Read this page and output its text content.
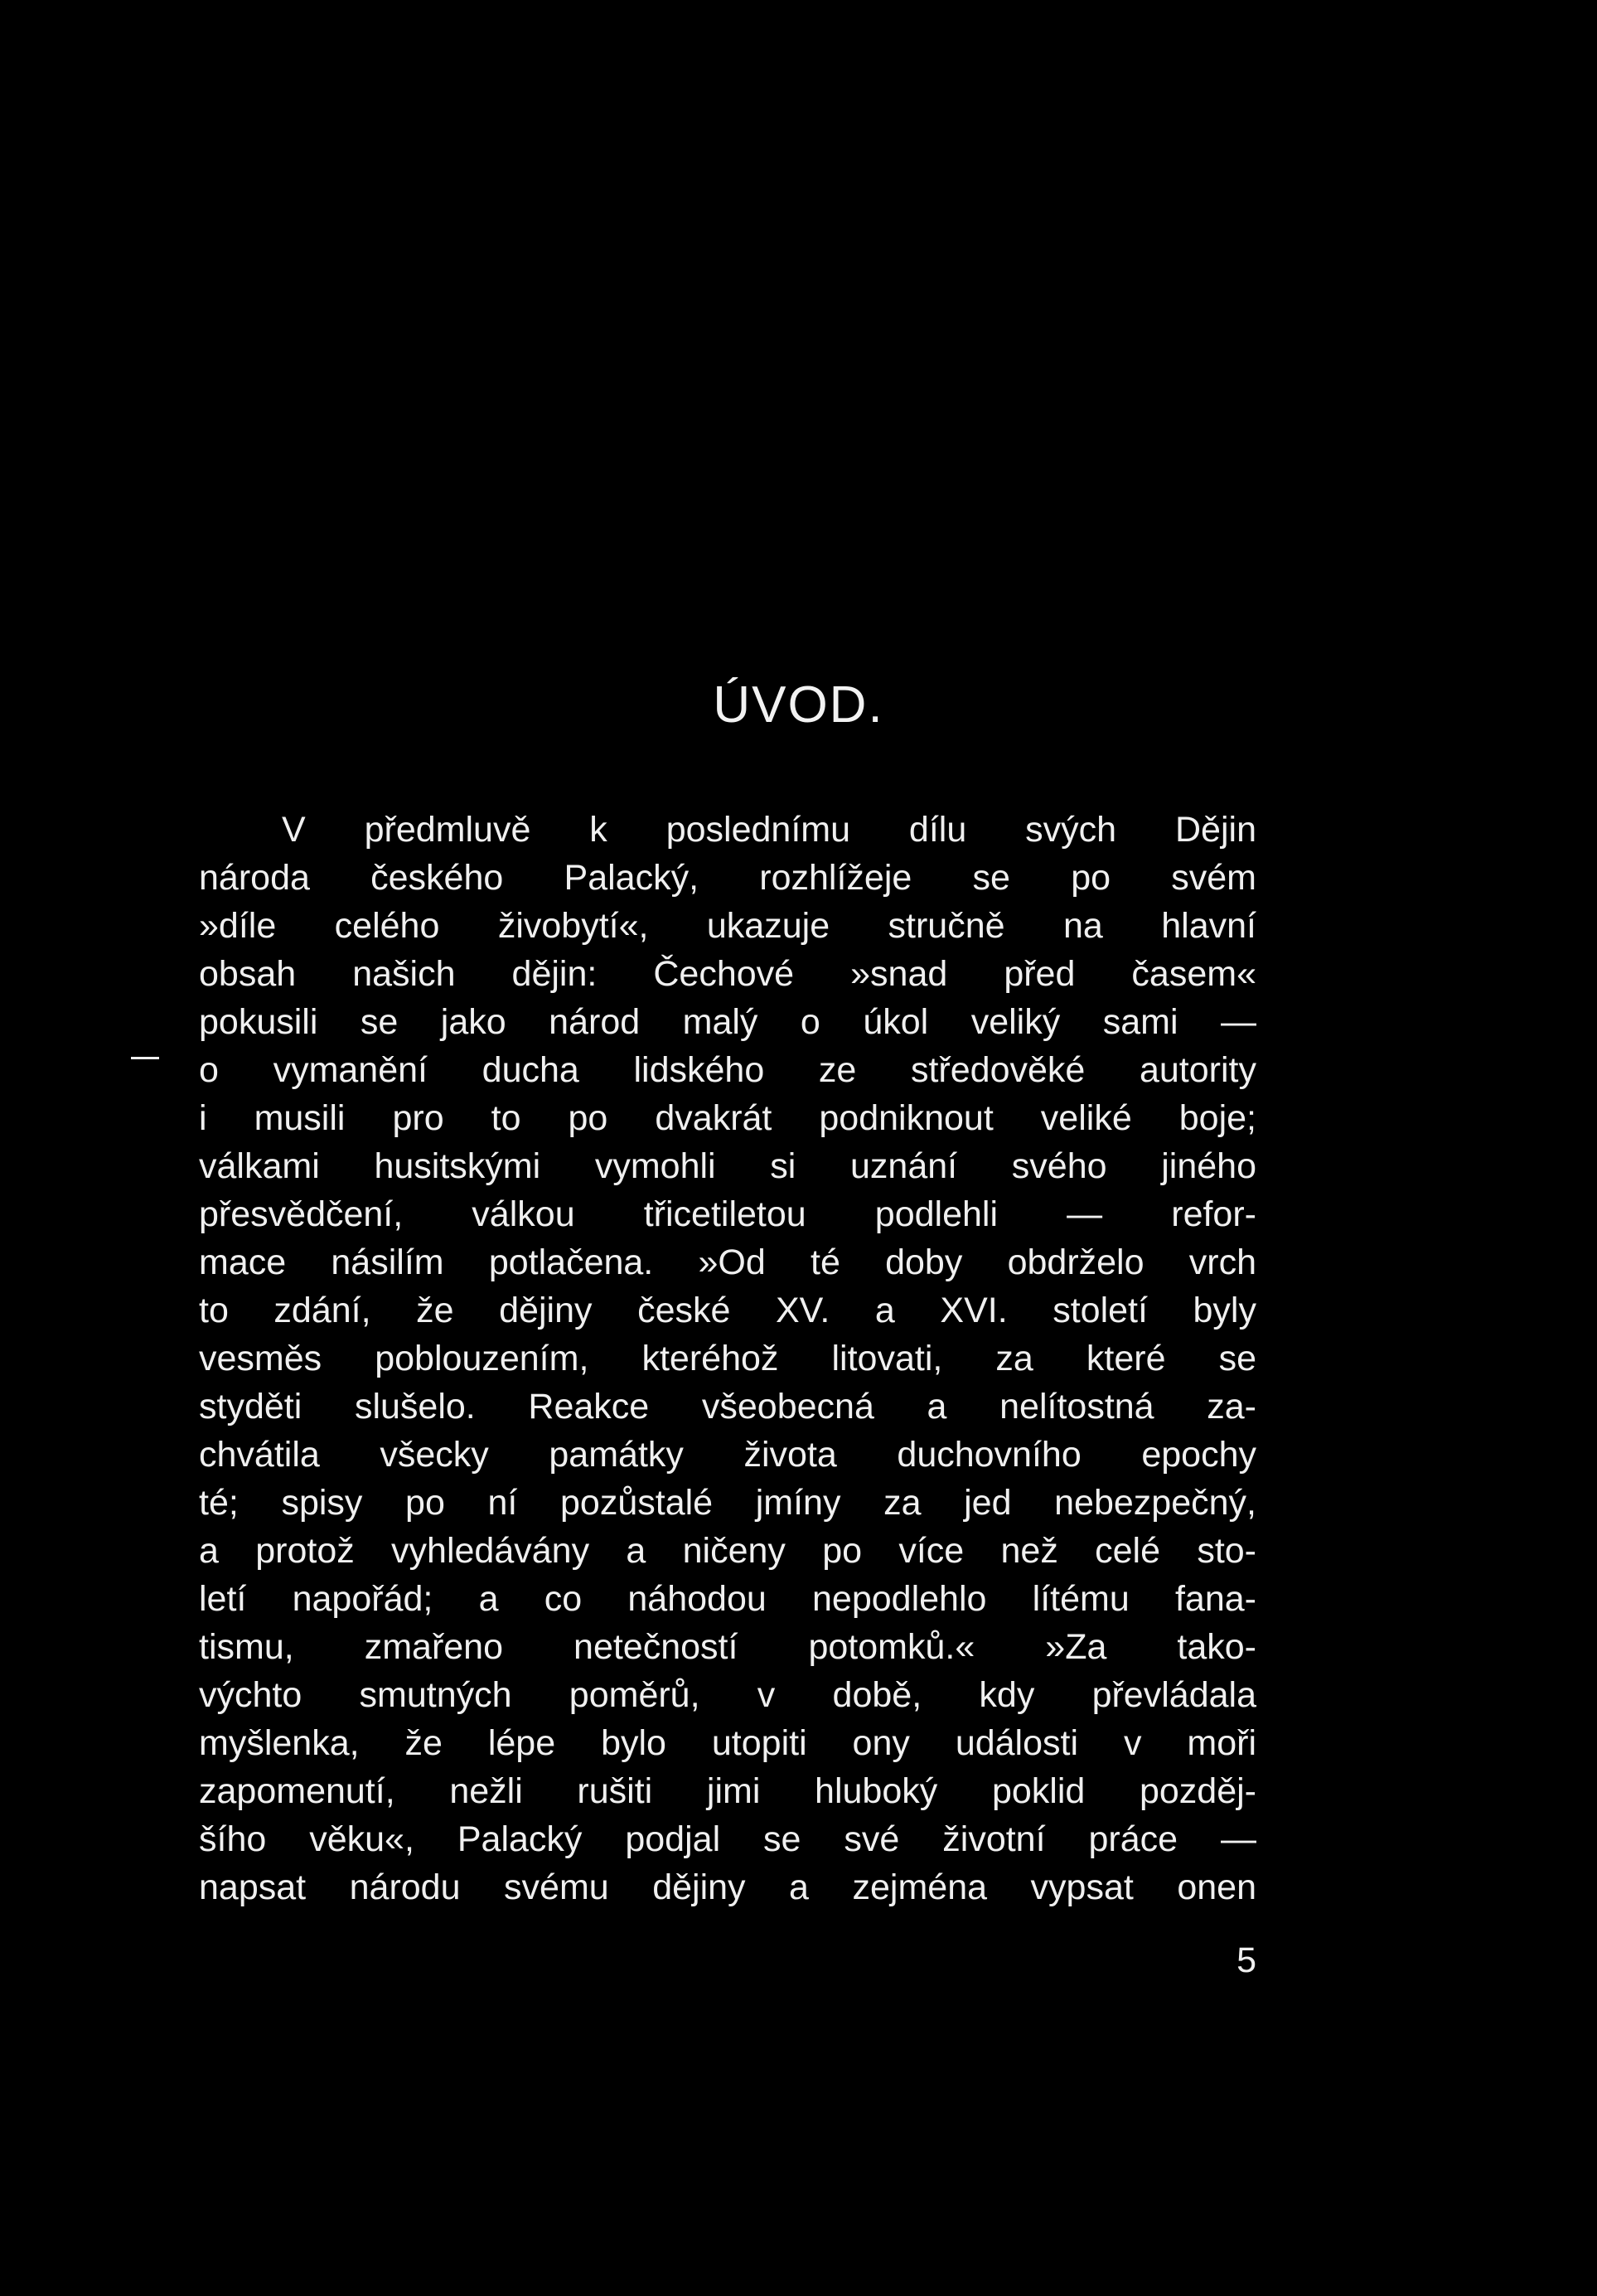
ÚVOD.
V předmluvě k poslednímu dílu svých Dějin
národa českého Palacký, rozhlížeje se po svém
»díle celého živobytí«, ukazuje stručně na hlavní
obsah našich dějin: Čechové »snad před časem«
pokusili se jako národ malý o úkol veliký sami —
o vymanění ducha lidského ze středověké autority
i musili pro to po dvakrát podniknout veliké boje;
válkami husitskými vymohli si uznání svého jiného
přesvědčení, válkou třicetiletou podlehli — refor-
mace násilím potlačena. »Od té doby obdrželo vrch
to zdání, že dějiny české XV. a XVI. století byly
vesměs poblouzením, kteréhož litovati, za které se
styděti slušelo. Reakce všeobecná a nelítostná za-
chvátila všecky památky života duchovního epochy
té; spisy po ní pozůstalé jmíny za jed nebezpečný,
a protož vyhledávány a ničeny po více než celé sto-
letí napořád; a co náhodou nepodlehlo lítému fana-
tismu, zmařeno netečností potomků.« »Za tako-
výchto smutných poměrů, v době, kdy převládala
myšlenka, že lépe bylo utopiti ony události v moři
zapomenutí, nežli rušiti jimi hluboký poklid pozděj-
šího věku«, Palacký podjal se své životní práce —
napsat národu svému dějiny a zejména vypsat onen
5
